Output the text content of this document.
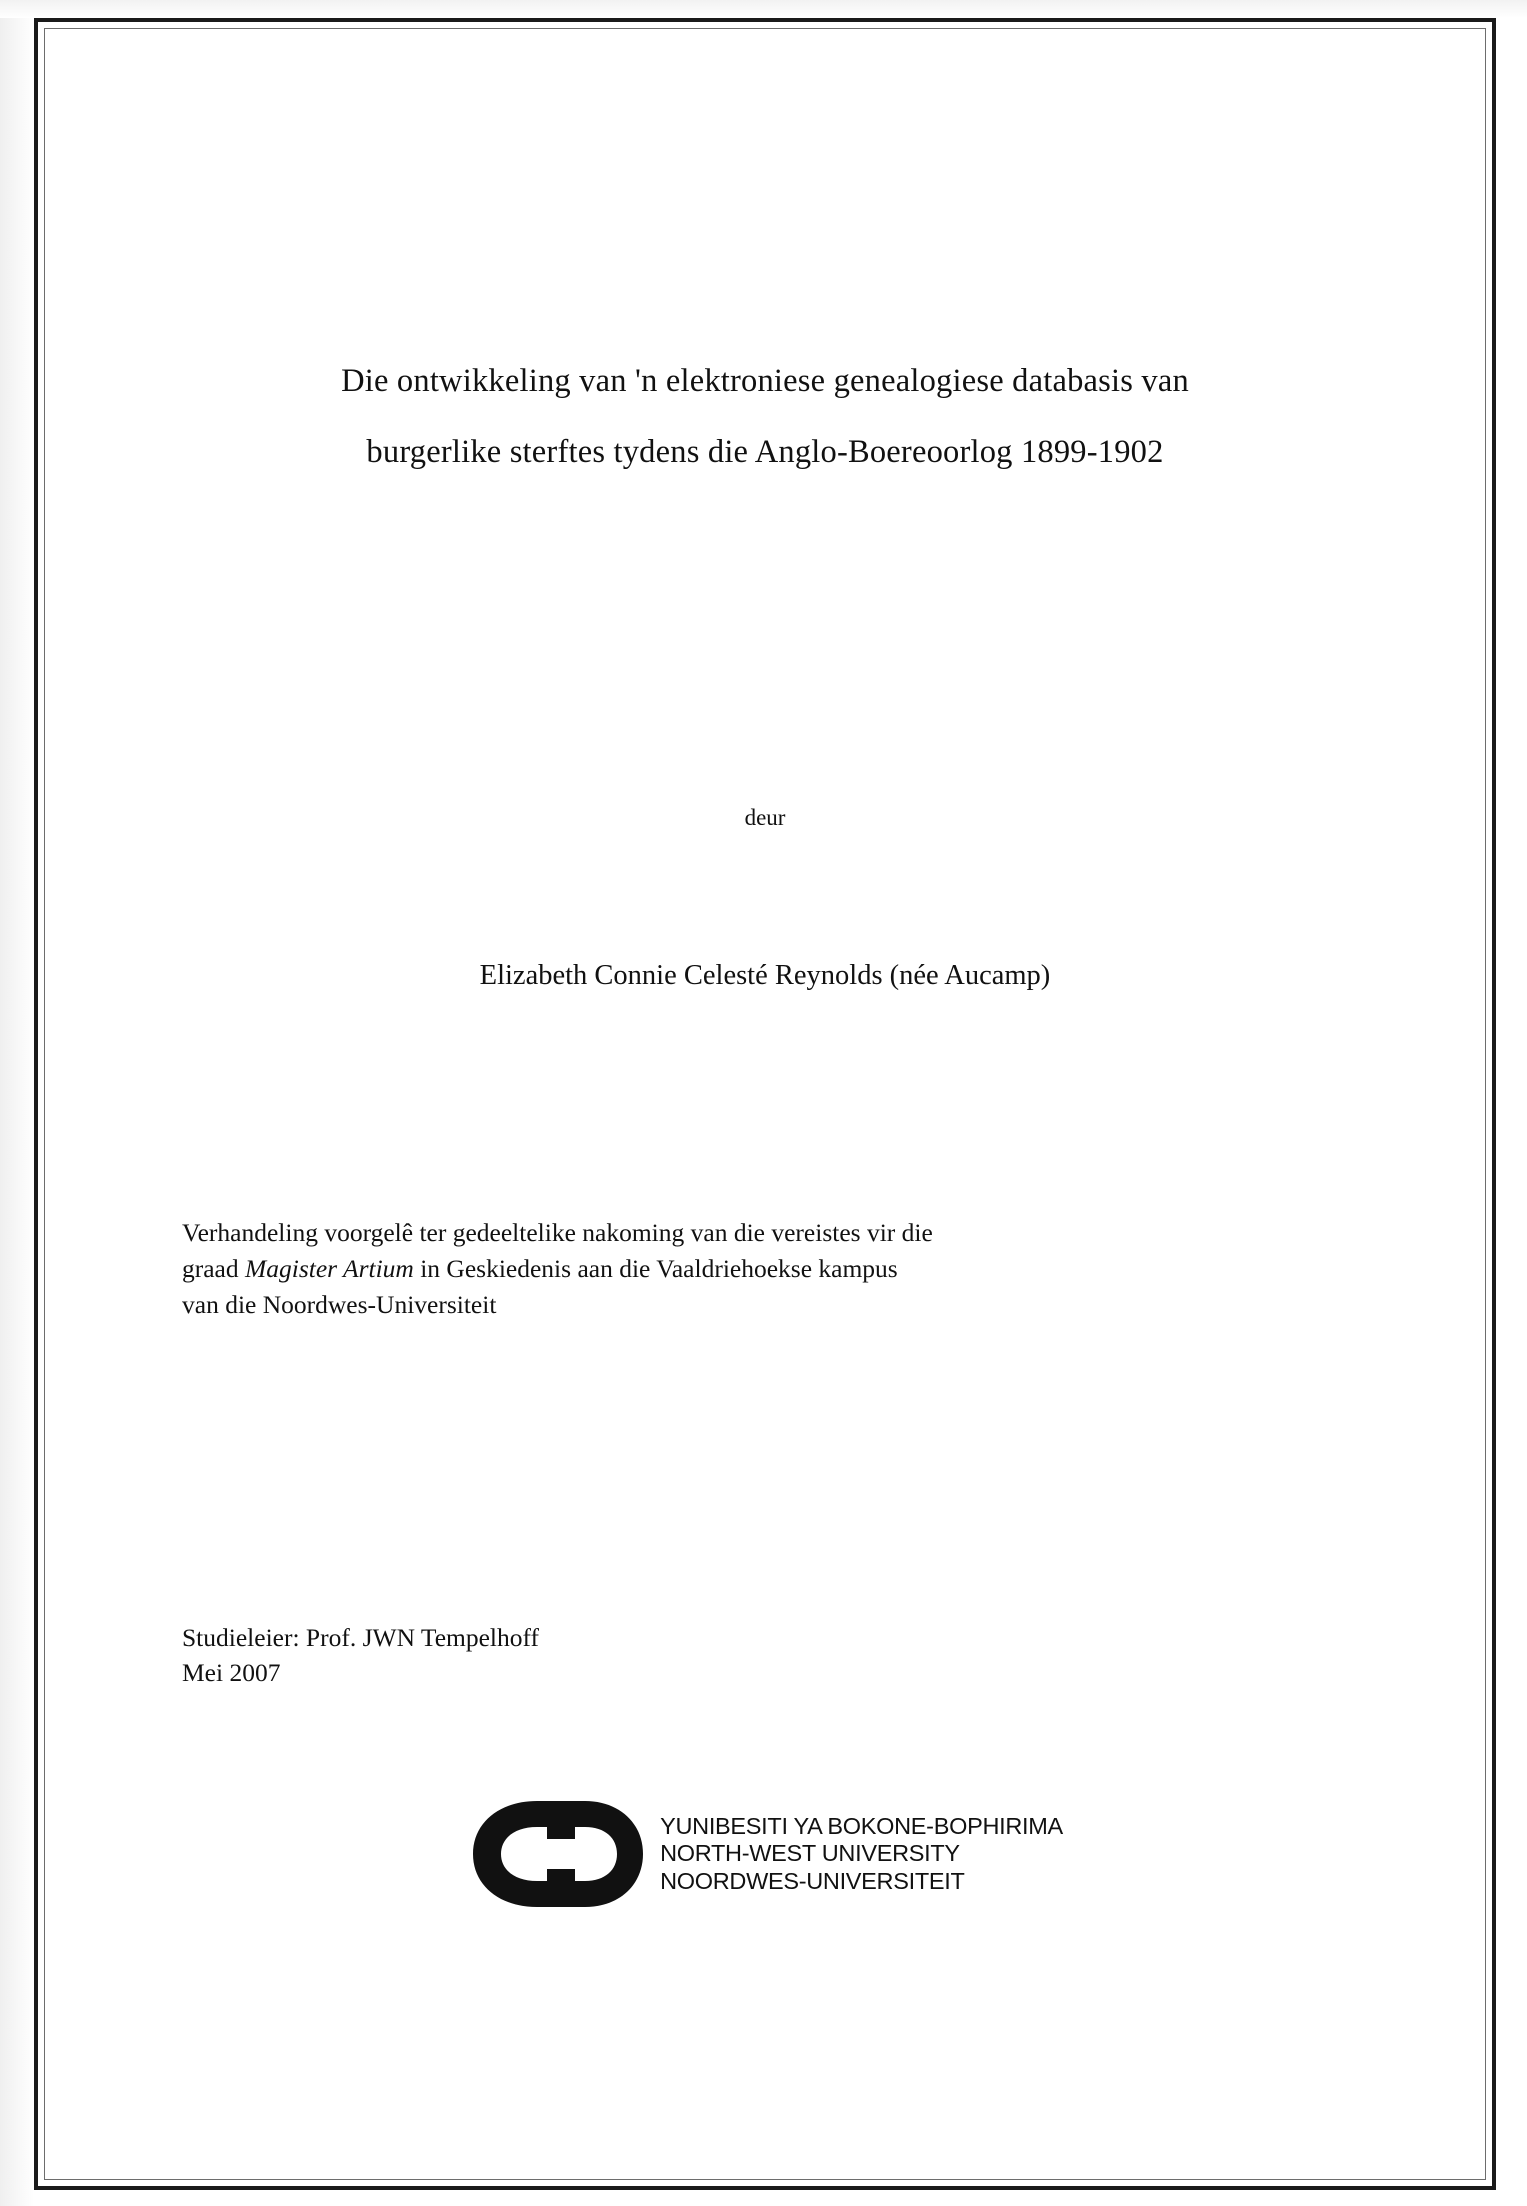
Die ontwikkeling van 'n elektroniese genealogiese databasis van
burgerlike sterftes tydens die Anglo-Boereoorlog 1899-1902
deur
Elizabeth Connie Celesté Reynolds (née Aucamp)

Verhandeling voorgelê ter gedeeltelike nakoming van die vereistes vir die

graad Magister Artium in Geskiedenis aan die Vaaldriehoekse kampus

van die Noordwes-Universiteit

Studieleier: Prof. JWN Tempelhoff

Mei 2007

YUNIBESITI YA BOKONE-BOPHIRIMA
NORTH-WEST UNIVERSITY
NOORDWES-UNIVERSITEIT
